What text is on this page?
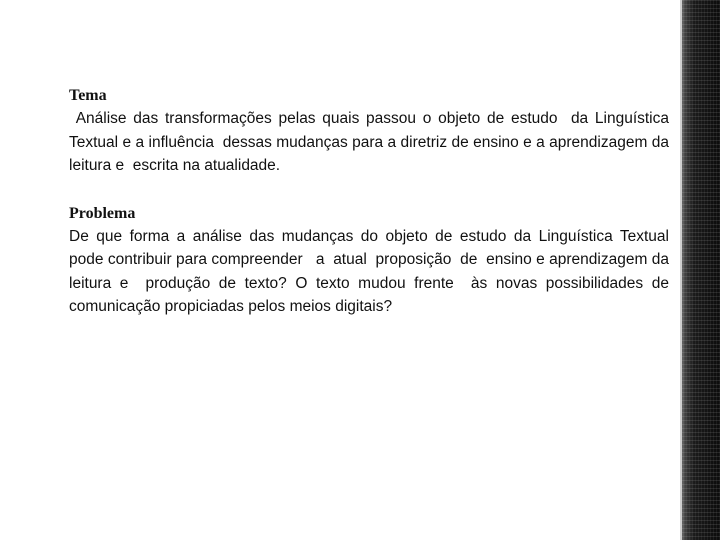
Tema

Análise das transformações pelas quais passou o objeto de estudo  da Linguística Textual e a influência  dessas mudanças para a diretriz de ensino e a aprendizagem da leitura e  escrita na atualidade.

Problema

De que forma a análise das mudanças do objeto de estudo da Linguística Textual  pode contribuir para compreender   a  atual  proposição  de  ensino e aprendizagem da leitura e  produção de texto? O texto mudou frente  às novas possibilidades de comunicação propiciadas pelos meios digitais?
